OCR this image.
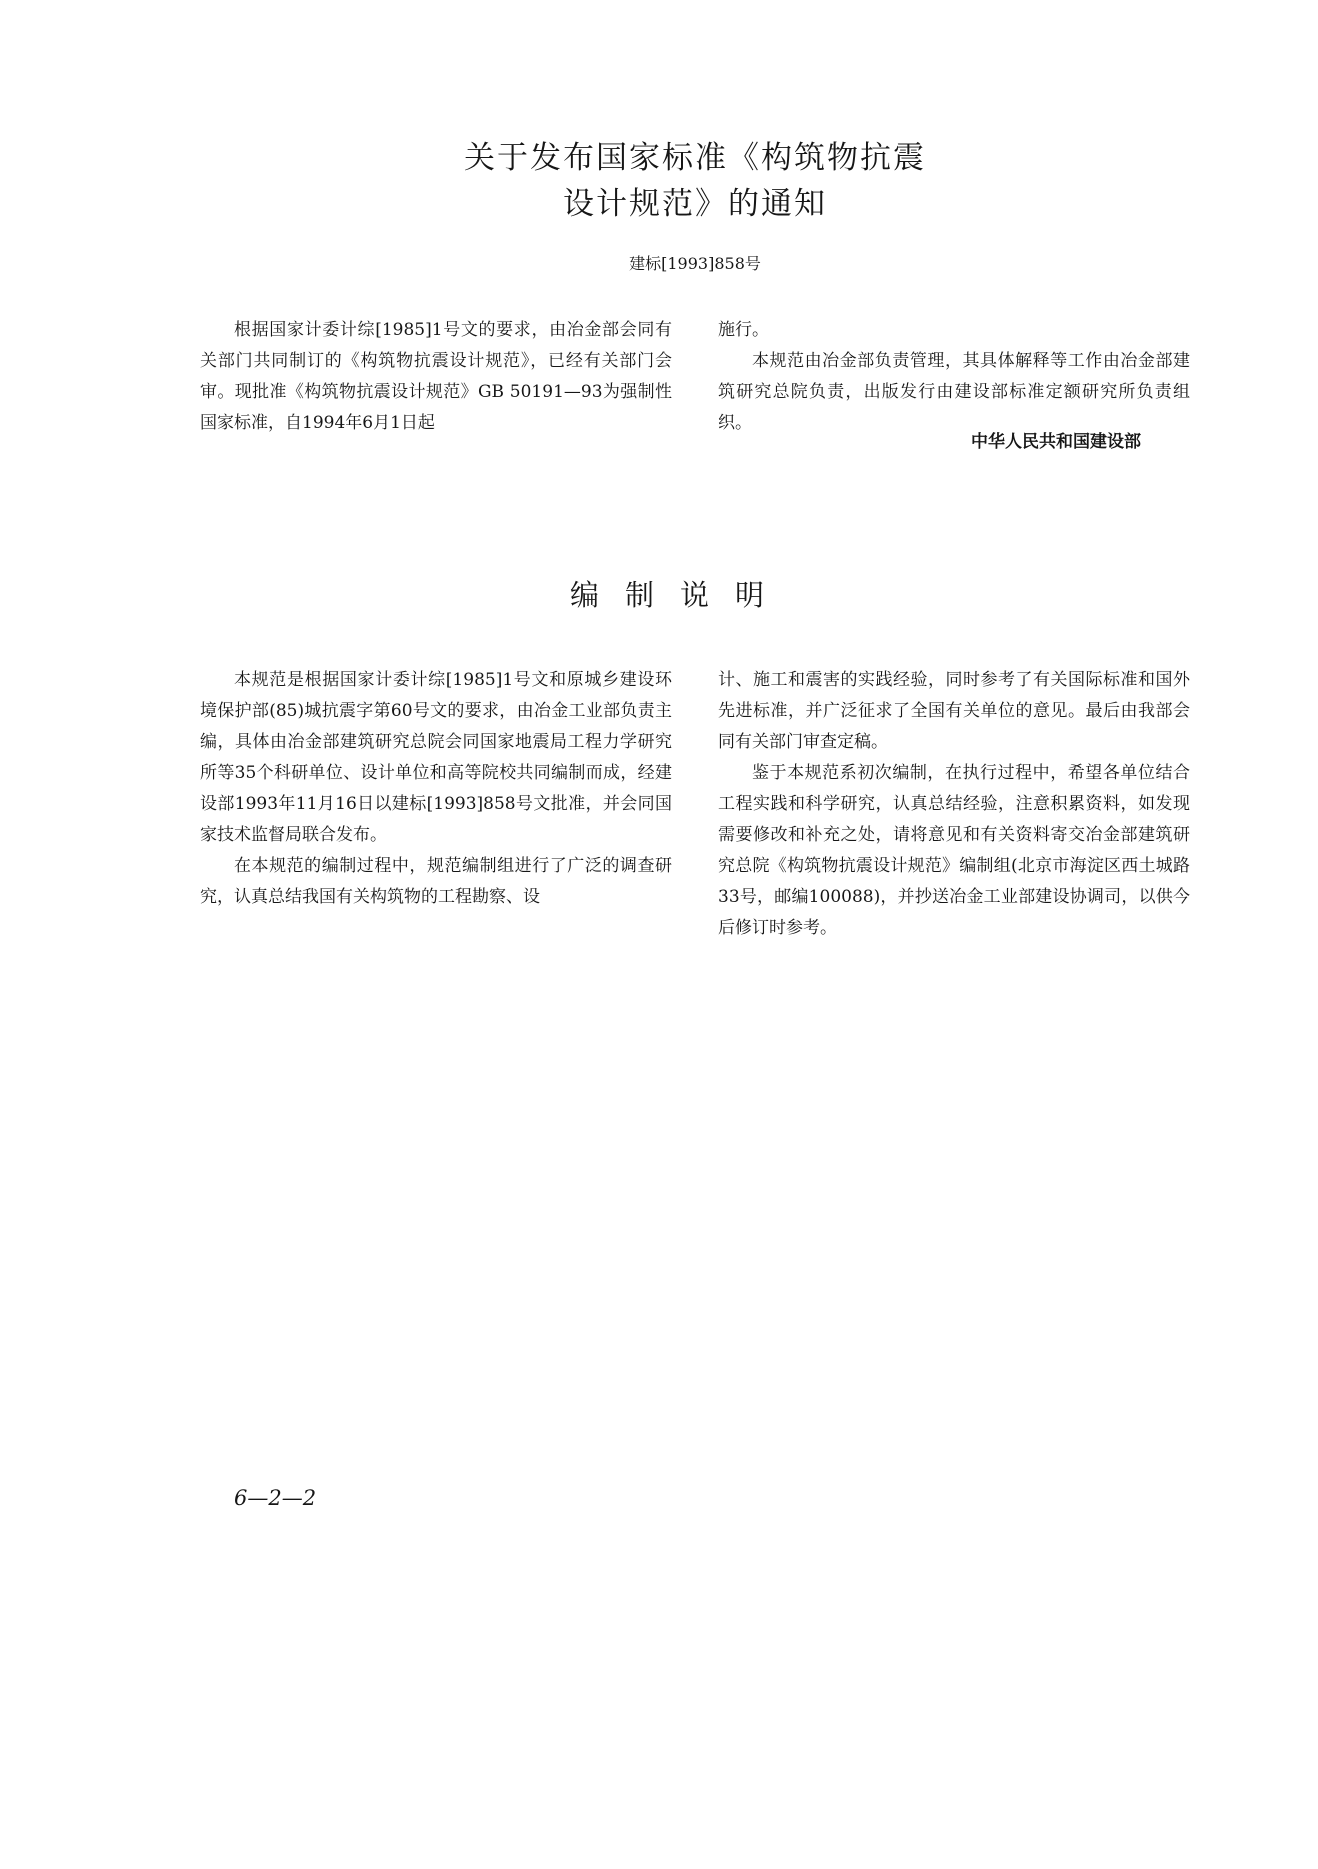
关于发布国家标准《构筑物抗震
设计规范》的通知
建标[1993]858号

根据国家计委计综[1985]1号文的要求，由冶金部会同有关部门共同制订的《构筑物抗震设计规范》，已经有关部门会审。现批准《构筑物抗震设计规范》GB 50191—93为强制性国家标准，自1994年6月1日起

施行。

本规范由冶金部负责管理，其具体解释等工作由冶金部建筑研究总院负责，出版发行由建设部标准定额研究所负责组织。

中华人民共和国建设部
编制说明

本规范是根据国家计委计综[1985]1号文和原城乡建设环境保护部(85)城抗震字第60号文的要求，由冶金工业部负责主编，具体由冶金部建筑研究总院会同国家地震局工程力学研究所等35个科研单位、设计单位和高等院校共同编制而成，经建设部1993年11月16日以建标[1993]858号文批准，并会同国家技术监督局联合发布。

在本规范的编制过程中，规范编制组进行了广泛的调查研究，认真总结我国有关构筑物的工程勘察、设

计、施工和震害的实践经验，同时参考了有关国际标准和国外先进标准，并广泛征求了全国有关单位的意见。最后由我部会同有关部门审查定稿。

鉴于本规范系初次编制，在执行过程中，希望各单位结合工程实践和科学研究，认真总结经验，注意积累资料，如发现需要修改和补充之处，请将意见和有关资料寄交冶金部建筑研究总院《构筑物抗震设计规范》编制组(北京市海淀区西土城路33号，邮编100088)，并抄送冶金工业部建设协调司，以供今后修订时参考。

6—2—2
